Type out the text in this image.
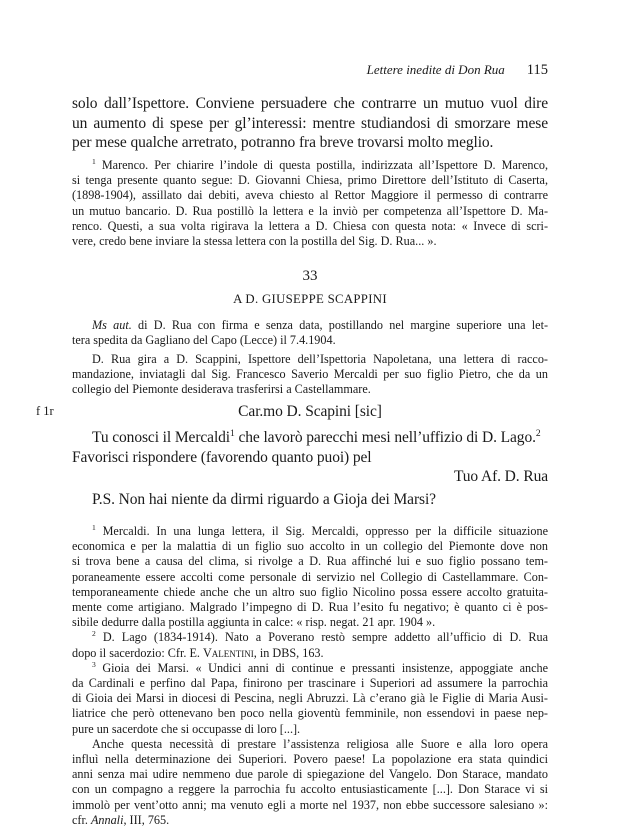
Lettere inedite di Don Rua 115
solo dall’Ispettore. Conviene persuadere che contrarre un mutuo vuol dire
un aumento di spese per gl’interessi: mentre studiandosi di smorzare mese
per mese qualche arretrato, potranno fra breve trovarsi molto meglio.
$^1$ Marenco. Per chiarire l’indole di questa postilla, indirizzata all’Ispettore D. Marenco,
si tenga presente quanto segue: D. Giovanni Chiesa, primo Direttore dell’Istituto di Caserta,
(1898-1904), assillato dai debiti, aveva chiesto al Rettor Maggiore il permesso di contrarre
un mutuo bancario. D. Rua postillò la lettera e la inviò per competenza all’Ispettore D. Ma-
renco. Questi, a sua volta rigirava la lettera a D. Chiesa con questa nota: « Invece di scri-
vere, credo bene inviare la stessa lettera con la postilla del Sig. D. Rua... ».
33
A D. GIUSEPPE SCAPPINI
Ms aut. di D. Rua con firma e senza data, postillando nel margine superiore una let-
tera spedita da Gagliano del Capo (Lecce) il 7.4.1904.
D. Rua gira a D. Scappini, Ispettore dell’Ispettoria Napoletana, una lettera di racco-
mandazione, inviatagli dal Sig. Francesco Saverio Mercaldi per suo figlio Pietro, che da un
collegio del Piemonte desiderava trasferirsi a Castellammare.
f 1r	Car.mo D. Scapini [sic]
Tu conosci il Mercaldi$^1$ che lavorò parecchi mesi nell’uffizio di D. Lago.$^2$
Favorisci rispondere (favorendo quanto puoi) pel
Tuo Af. D. Rua
P.S. Non hai niente da dirmi riguardo a Gioja dei Marsi?
$^1$ Mercaldi. In una lunga lettera, il Sig. Mercaldi, oppresso per la difficile situazione
economica e per la malattia di un figlio suo accolto in un collegio del Piemonte dove non
si trova bene a causa del clima, si rivolge a D. Rua affinché lui e suo figlio possano tem-
poraneamente essere accolti come personale di servizio nel Collegio di Castellammare. Con-
temporaneamente chiede anche che un altro suo figlio Nicolino possa essere accolto gratuita-
mente come artigiano. Malgrado l’impegno di D. Rua l’esito fu negativo; è quanto ci è pos-
sibile dedurre dalla postilla aggiunta in calce: « risp. negat. 21 apr. 1904 ».
$^2$ D. Lago (1834-1914). Nato a Poverano restò sempre addetto all’ufficio di D. Rua
dopo il sacerdozio: Cfr. E. Valentini, in DBS, 163.
$^3$ Gioia dei Marsi. « Undici anni di continue e pressanti insistenze, appoggiate anche
da Cardinali e perfino dal Papa, finirono per trascinare i Superiori ad assumere la parrochia
di Gioia dei Marsi in diocesi di Pescina, negli Abruzzi. Là c’erano già le Figlie di Maria Ausi-
liatrice che però ottenevano ben poco nella gioventù femminile, non essendovi in paese nep-
pure un sacerdote che si occupasse di loro [...].
Anche questa necessità di prestare l’assistenza religiosa alle Suore e alla loro opera
influì nella determinazione dei Superiori. Povero paese! La popolazione era stata quindici
anni senza mai udire nemmeno due parole di spiegazione del Vangelo. Don Starace, mandato
con un compagno a reggere la parrochia fu accolto entusiasticamente [...]. Don Starace vi si
immolò per vent’otto anni; ma venuto egli a morte nel 1937, non ebbe successore salesiano »:
cfr. Annali, III, 765.
